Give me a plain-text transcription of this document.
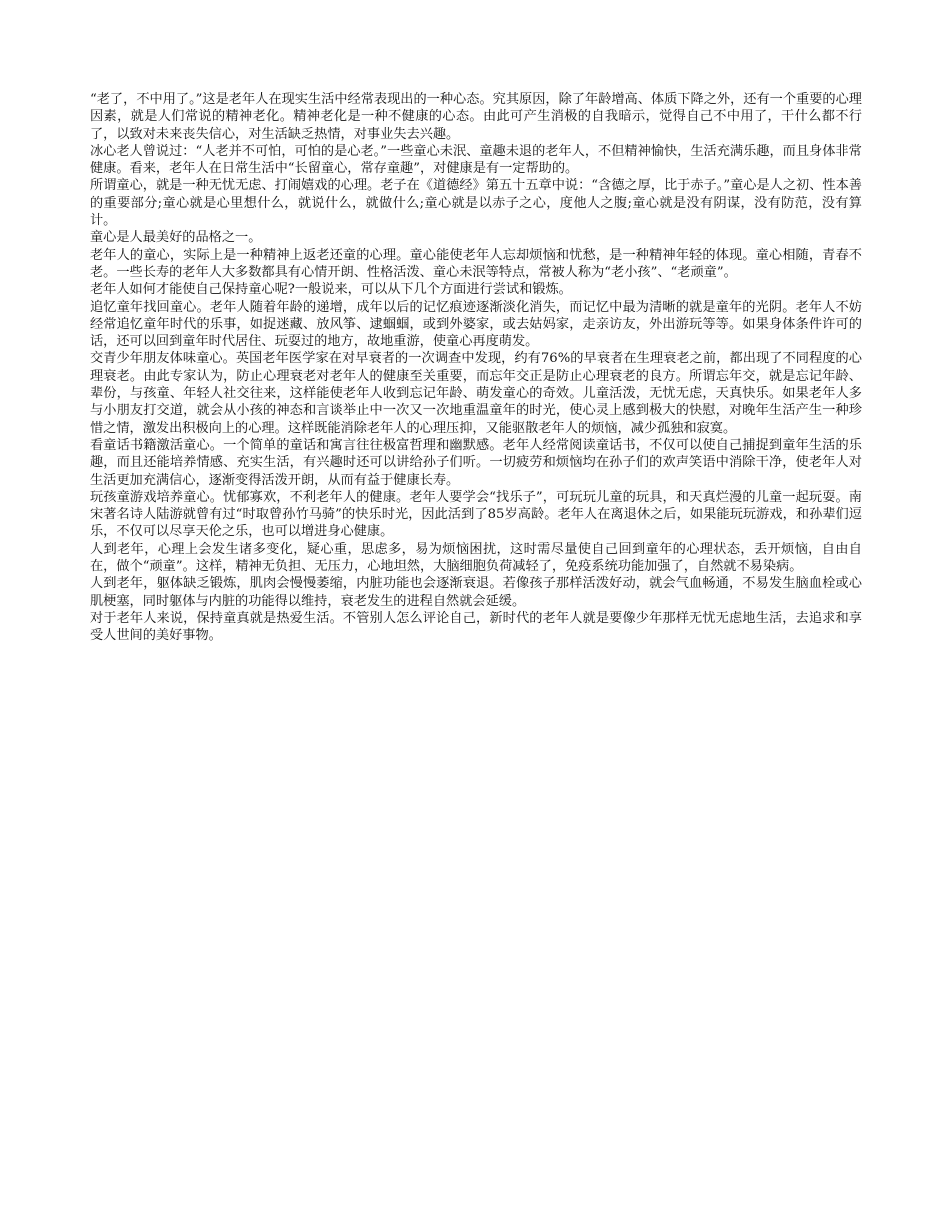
“老了，不中用了。”这是老年人在现实生活中经常表现出的一种心态。究其原因，除了年龄增高、体质下降之外，还有一个重要的心理因素，就是人们常说的精神老化。精神老化是一种不健康的心态。由此可产生消极的自我暗示，觉得自己不中用了，干什么都不行了，以致对未来丧失信心，对生活缺乏热情，对事业失去兴趣。

冰心老人曾说过：“人老并不可怕，可怕的是心老。”一些童心未泯、童趣未退的老年人，不但精神愉快，生活充满乐趣，而且身体非常

健康。看来，老年人在日常生活中“长留童心，常存童趣”，对健康是有一定帮助的。

所谓童心，就是一种无忧无虑、打闹嬉戏的心理。老子在《道德经》第五十五章中说：“含德之厚，比于赤子。”童心是人之初、性本善的重要部分;童心就是心里想什么，就说什么，就做什么;童心就是以赤子之心，度他人之腹;童心就是没有阴谋，没有防范，没有算计。

童心是人最美好的品格之一。

老年人的童心，实际上是一种精神上返老还童的心理。童心能使老年人忘却烦恼和忧愁，是一种精神年轻的体现。童心相随，青春不老。一些长寿的老年人大多数都具有心情开朗、性格活泼、童心未泯等特点，常被人称为“老小孩”、“老顽童”。

老年人如何才能使自己保持童心呢?一般说来，可以从下几个方面进行尝试和锻炼。

追忆童年找回童心。老年人随着年龄的递增，成年以后的记忆痕迹逐渐淡化消失，而记忆中最为清晰的就是童年的光阴。老年人不妨经常追忆童年时代的乐事，如捉迷藏、放风筝、逮蝈蝈，或到外婆家，或去姑妈家，走亲访友，外出游玩等等。如果身体条件许可的话，还可以回到童年时代居住、玩耍过的地方，故地重游，使童心再度萌发。

交青少年朋友体味童心。英国老年医学家在对早衰者的一次调查中发现，约有76%的早衰者在生理衰老之前，都出现了不同程度的心理衰老。由此专家认为，防止心理衰老对老年人的健康至关重要，而忘年交正是防止心理衰老的良方。所谓忘年交，就是忘记年龄、辈份，与孩童、年轻人社交往来，这样能使老年人收到忘记年龄、萌发童心的奇效。儿童活泼，无忧无虑，天真快乐。如果老年人多与小朋友打交道，就会从小孩的神态和言谈举止中一次又一次地重温童年的时光，使心灵上感到极大的快慰，对晚年生活产生一种珍惜之情，激发出积极向上的心理。这样既能消除老年人的心理压抑，又能驱散老年人的烦恼，减少孤独和寂寞。

看童话书籍激活童心。一个简单的童话和寓言往往极富哲理和幽默感。老年人经常阅读童话书，不仅可以使自己捕捉到童年生活的乐趣，而且还能培养情感、充实生活，有兴趣时还可以讲给孙子们听。一切疲劳和烦恼均在孙子们的欢声笑语中消除干净，使老年人对生活更加充满信心，逐渐变得活泼开朗，从而有益于健康长寿。

玩孩童游戏培养童心。忧郁寡欢，不利老年人的健康。老年人要学会“找乐子”，可玩玩儿童的玩具，和天真烂漫的儿童一起玩耍。南宋著名诗人陆游就曾有过“时取曾孙竹马骑”的快乐时光，因此活到了85岁高龄。老年人在离退休之后，如果能玩玩游戏，和孙辈们逗乐，不仅可以尽享天伦之乐，也可以增进身心健康。

人到老年，心理上会发生诸多变化，疑心重，思虑多，易为烦恼困扰，这时需尽量使自己回到童年的心理状态，丢开烦恼，自由自在，做个“顽童”。这样，精神无负担、无压力，心地坦然，大脑细胞负荷减轻了，免疫系统功能加强了，自然就不易染病。

人到老年，躯体缺乏锻炼，肌肉会慢慢萎缩，内脏功能也会逐渐衰退。若像孩子那样活泼好动，就会气血畅通，不易发生脑血栓或心肌梗塞，同时躯体与内脏的功能得以维持，衰老发生的进程自然就会延缓。

对于老年人来说，保持童真就是热爱生活。不管别人怎么评论自己，新时代的老年人就是要像少年那样无忧无虑地生活，去追求和享受人世间的美好事物。
